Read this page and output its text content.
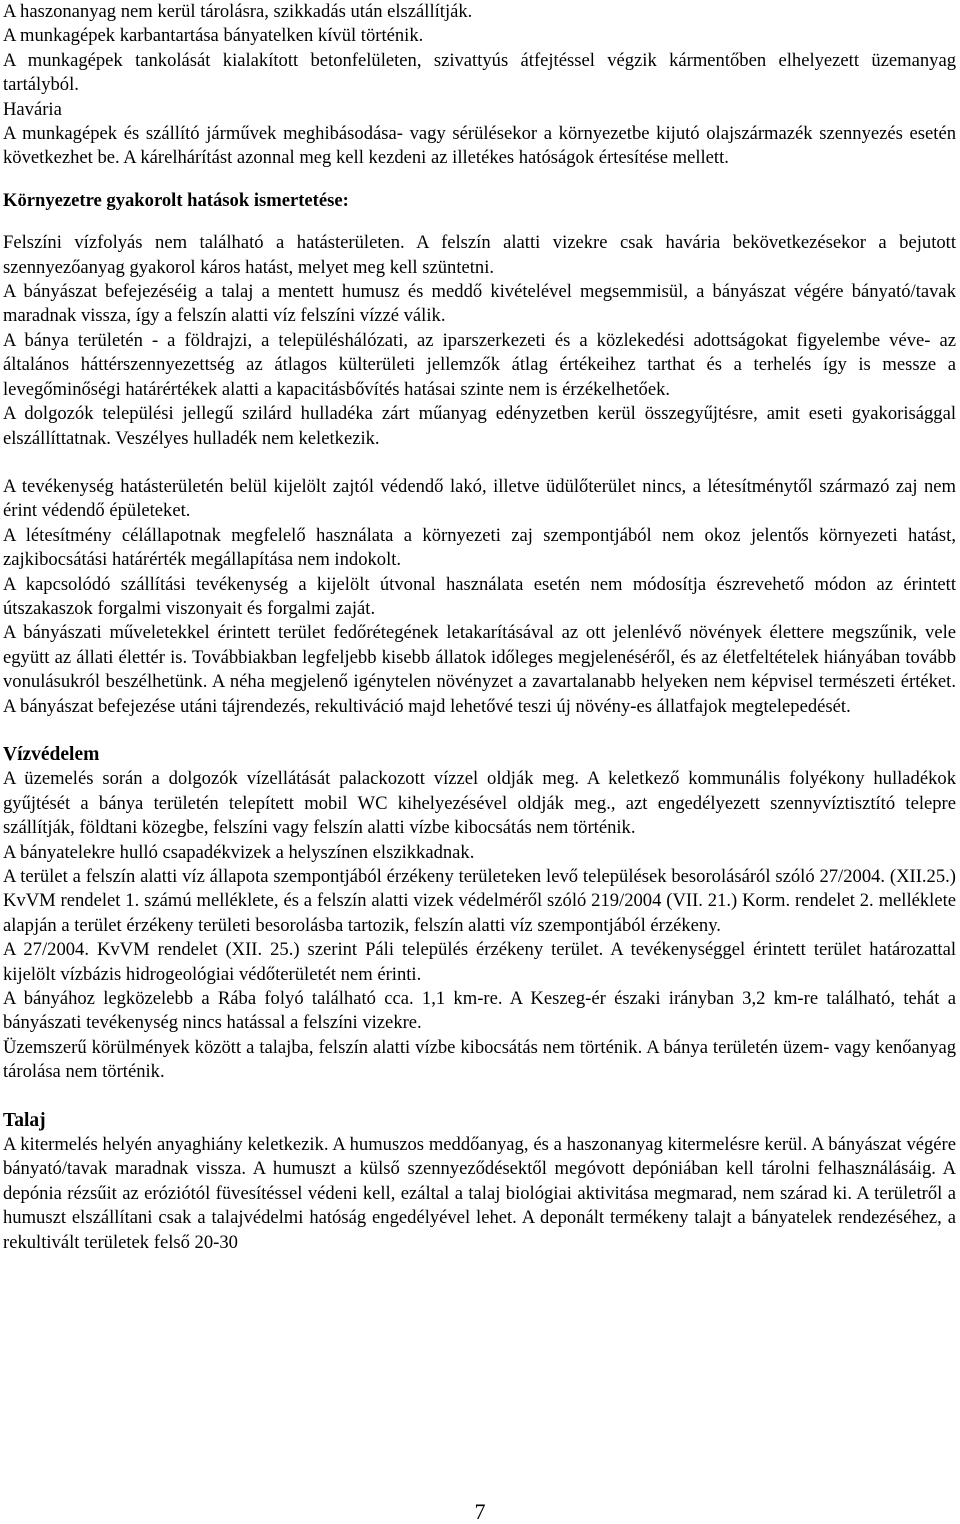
A haszonanyag nem kerül tárolásra, szikkadás után elszállítják.

A munkagépek karbantartása bányatelken kívül történik.

A munkagépek tankolását kialakított betonfelületen, szivattyús átfejtéssel végzik kármentőben elhelyezett üzemanyag tartályból.

Havária

A munkagépek és szállító járművek meghibásodása- vagy sérülésekor a környezetbe kijutó olajszármazék szennyezés esetén következhet be. A kárelhárítást azonnal meg kell kezdeni az illetékes hatóságok értesítése mellett.

Környezetre gyakorolt hatások ismertetése:

Felszíni vízfolyás nem található a hatásterületen. A felszín alatti vizekre csak havária bekövetkezésekor a bejutott szennyezőanyag gyakorol káros hatást, melyet meg kell szüntetni.

A bányászat befejezéséig a talaj a mentett humusz és meddő kivételével megsemmisül, a bányászat végére bányató/tavak maradnak vissza, így a felszín alatti víz felszíni vízzé válik.

A bánya területén - a földrajzi, a településhálózati, az iparszerkezeti és a közlekedési adottságokat figyelembe véve- az általános háttérszennyezettség az átlagos külterületi jellemzők átlag értékeihez tarthat és a terhelés így is messze a levegőminőségi határértékek alatti a kapacitásbővítés hatásai szinte nem is érzékelhetőek.

A dolgozók települési jellegű szilárd hulladéka zárt műanyag edényzetben kerül összegyűjtésre, amit eseti gyakorisággal elszállíttatnak. Veszélyes hulladék nem keletkezik.

A tevékenység hatásterületén belül kijelölt zajtól védendő lakó, illetve üdülőterület nincs, a létesítménytől származó zaj nem érint védendő épületeket.

A létesítmény célállapotnak megfelelő használata a környezeti zaj szempontjából nem okoz jelentős környezeti hatást, zajkibocsátási határérték megállapítása nem indokolt.

A kapcsolódó szállítási tevékenység a kijelölt útvonal használata esetén nem módosítja észrevehető módon az érintett útszakaszok forgalmi viszonyait és forgalmi zaját.

A bányászati műveletekkel érintett terület fedőrétegének letakarításával az ott jelenlévő növények élettere megszűnik, vele együtt az állati élettér is. Továbbiakban legfeljebb kisebb állatok időleges megjelenéséről, és az életfeltételek hiányában tovább vonulásukról beszélhetünk. A néha megjelenő igénytelen növényzet a zavartalanabb helyeken nem képvisel természeti értéket. A bányászat befejezése utáni tájrendezés, rekultiváció majd lehetővé teszi új növény-es állatfajok megtelepedését.

Vízvédelem

A üzemelés során a dolgozók vízellátását palackozott vízzel oldják meg. A keletkező kommunális folyékony hulladékok gyűjtését a bánya területén telepített mobil WC kihelyezésével oldják meg., azt engedélyezett szennyvíztisztító telepre szállítják, földtani közegbe, felszíni vagy felszín alatti vízbe kibocsátás nem történik.

A bányatelekre hulló csapadékvizek a helyszínen elszikkadnak.

A terület a felszín alatti víz állapota szempontjából érzékeny területeken levő települések besorolásáról szóló 27/2004. (XII.25.) KvVM rendelet 1. számú melléklete, és a felszín alatti vizek védelméről szóló 219/2004 (VII. 21.) Korm. rendelet 2. melléklete alapján a terület érzékeny területi besorolásba tartozik, felszín alatti víz szempontjából érzékeny.

A 27/2004. KvVM rendelet (XII. 25.) szerint Páli település érzékeny terület. A tevékenységgel érintett terület határozattal kijelölt vízbázis hidrogeológiai védőterületét nem érinti.

A bányához legközelebb a Rába folyó található cca. 1,1 km-re. A Keszeg-ér északi irányban 3,2 km-re található, tehát a bányászati tevékenység nincs hatással a felszíni vizekre.

Üzemszerű körülmények között a talajba, felszín alatti vízbe kibocsátás nem történik. A bánya területén üzem- vagy kenőanyag tárolása nem történik.

Talaj

A kitermelés helyén anyaghiány keletkezik. A humuszos meddőanyag, és a haszonanyag kitermelésre kerül. A bányászat végére bányató/tavak maradnak vissza. A humuszt a külső szennyeződésektől megóvott depóniában kell tárolni felhasználásáig. A depónia rézsűit az eróziótól füvesítéssel védeni kell, ezáltal a talaj biológiai aktivitása megmarad, nem szárad ki. A területről a humuszt elszállítani csak a talajvédelmi hatóság engedélyével lehet. A deponált termékeny talajt a bányatelek rendezéséhez, a rekultivált területek felső 20-30

7
